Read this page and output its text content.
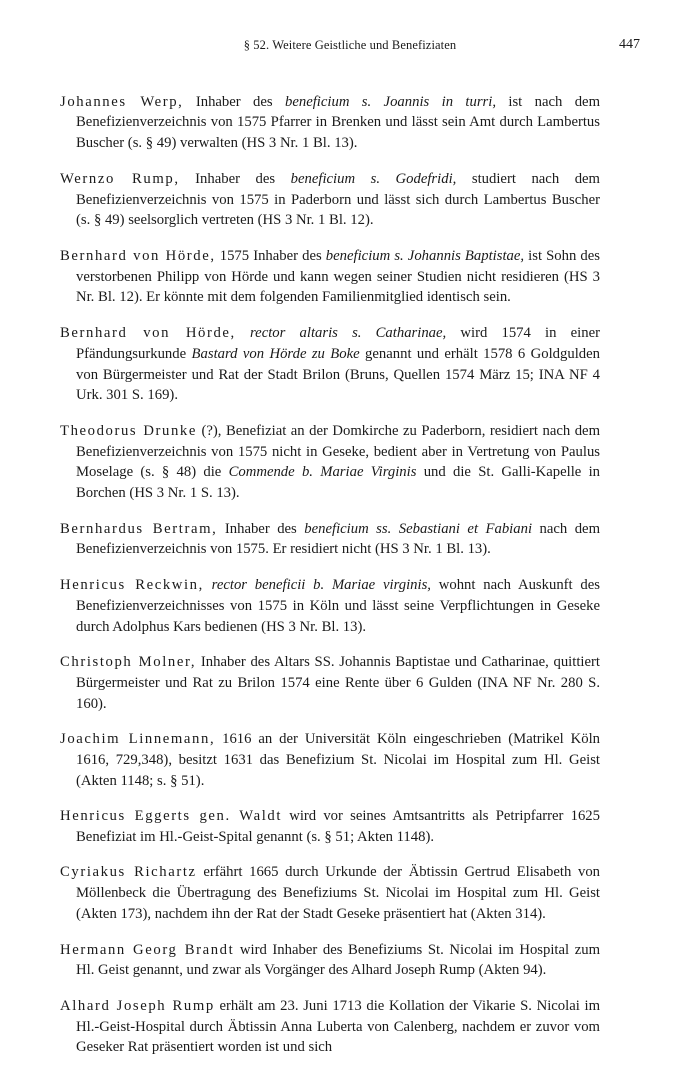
§ 52. Weitere Geistliche und Benefiziaten	447

Johannes Werp, Inhaber des beneficium s. Joannis in turri, ist nach dem Benefizienverzeichnis von 1575 Pfarrer in Brenken und lässt sein Amt durch Lambertus Buscher (s. § 49) verwalten (HS 3 Nr. 1 Bl. 13).

Wernzo Rump, Inhaber des beneficium s. Godefridi, studiert nach dem Benefizienverzeichnis von 1575 in Paderborn und lässt sich durch Lambertus Buscher (s. § 49) seelsorglich vertreten (HS 3 Nr. 1 Bl. 12).

Bernhard von Hörde, 1575 Inhaber des beneficium s. Johannis Baptistae, ist Sohn des verstorbenen Philipp von Hörde und kann wegen seiner Studien nicht residieren (HS 3 Nr. Bl. 12). Er könnte mit dem folgenden Familienmitglied identisch sein.

Bernhard von Hörde, rector altaris s. Catharinae, wird 1574 in einer Pfändungsurkunde Bastard von Hörde zu Boke genannt und erhält 1578 6 Goldgulden von Bürgermeister und Rat der Stadt Brilon (Bruns, Quellen 1574 März 15; INA NF 4 Urk. 301 S. 169).

Theodorus Drunke (?), Benefiziat an der Domkirche zu Paderborn, residiert nach dem Benefizienverzeichnis von 1575 nicht in Geseke, bedient aber in Vertretung von Paulus Moselage (s. § 48) die Commende b. Mariae Virginis und die St. Galli-Kapelle in Borchen (HS 3 Nr. 1 S. 13).

Bernhardus Bertram, Inhaber des beneficium ss. Sebastiani et Fabiani nach dem Benefizienverzeichnis von 1575. Er residiert nicht (HS 3 Nr. 1 Bl. 13).

Henricus Reckwin, rector beneficii b. Mariae virginis, wohnt nach Auskunft des Benefizienverzeichnisses von 1575 in Köln und lässt seine Verpflichtungen in Geseke durch Adolphus Kars bedienen (HS 3 Nr. Bl. 13).

Christoph Molner, Inhaber des Altars SS. Johannis Baptistae und Catharinae, quittiert Bürgermeister und Rat zu Brilon 1574 eine Rente über 6 Gulden (INA NF Nr. 280 S. 160).

Joachim Linnemann, 1616 an der Universität Köln eingeschrieben (Matrikel Köln 1616, 729,348), besitzt 1631 das Benefizium St. Nicolai im Hospital zum Hl. Geist (Akten 1148; s. § 51).

Henricus Eggerts gen. Waldt wird vor seines Amtsantritts als Petripfarrer 1625 Benefiziat im Hl.-Geist-Spital genannt (s. § 51; Akten 1148).

Cyriakus Richartz erfährt 1665 durch Urkunde der Äbtissin Gertrud Elisabeth von Möllenbeck die Übertragung des Benefiziums St. Nicolai im Hospital zum Hl. Geist (Akten 173), nachdem ihn der Rat der Stadt Geseke präsentiert hat (Akten 314).

Hermann Georg Brandt wird Inhaber des Benefiziums St. Nicolai im Hospital zum Hl. Geist genannt, und zwar als Vorgänger des Alhard Joseph Rump (Akten 94).

Alhard Joseph Rump erhält am 23. Juni 1713 die Kollation der Vikarie S. Nicolai im Hl.-Geist-Hospital durch Äbtissin Anna Luberta von Calenberg, nachdem er zuvor vom Geseker Rat präsentiert worden ist und sich
